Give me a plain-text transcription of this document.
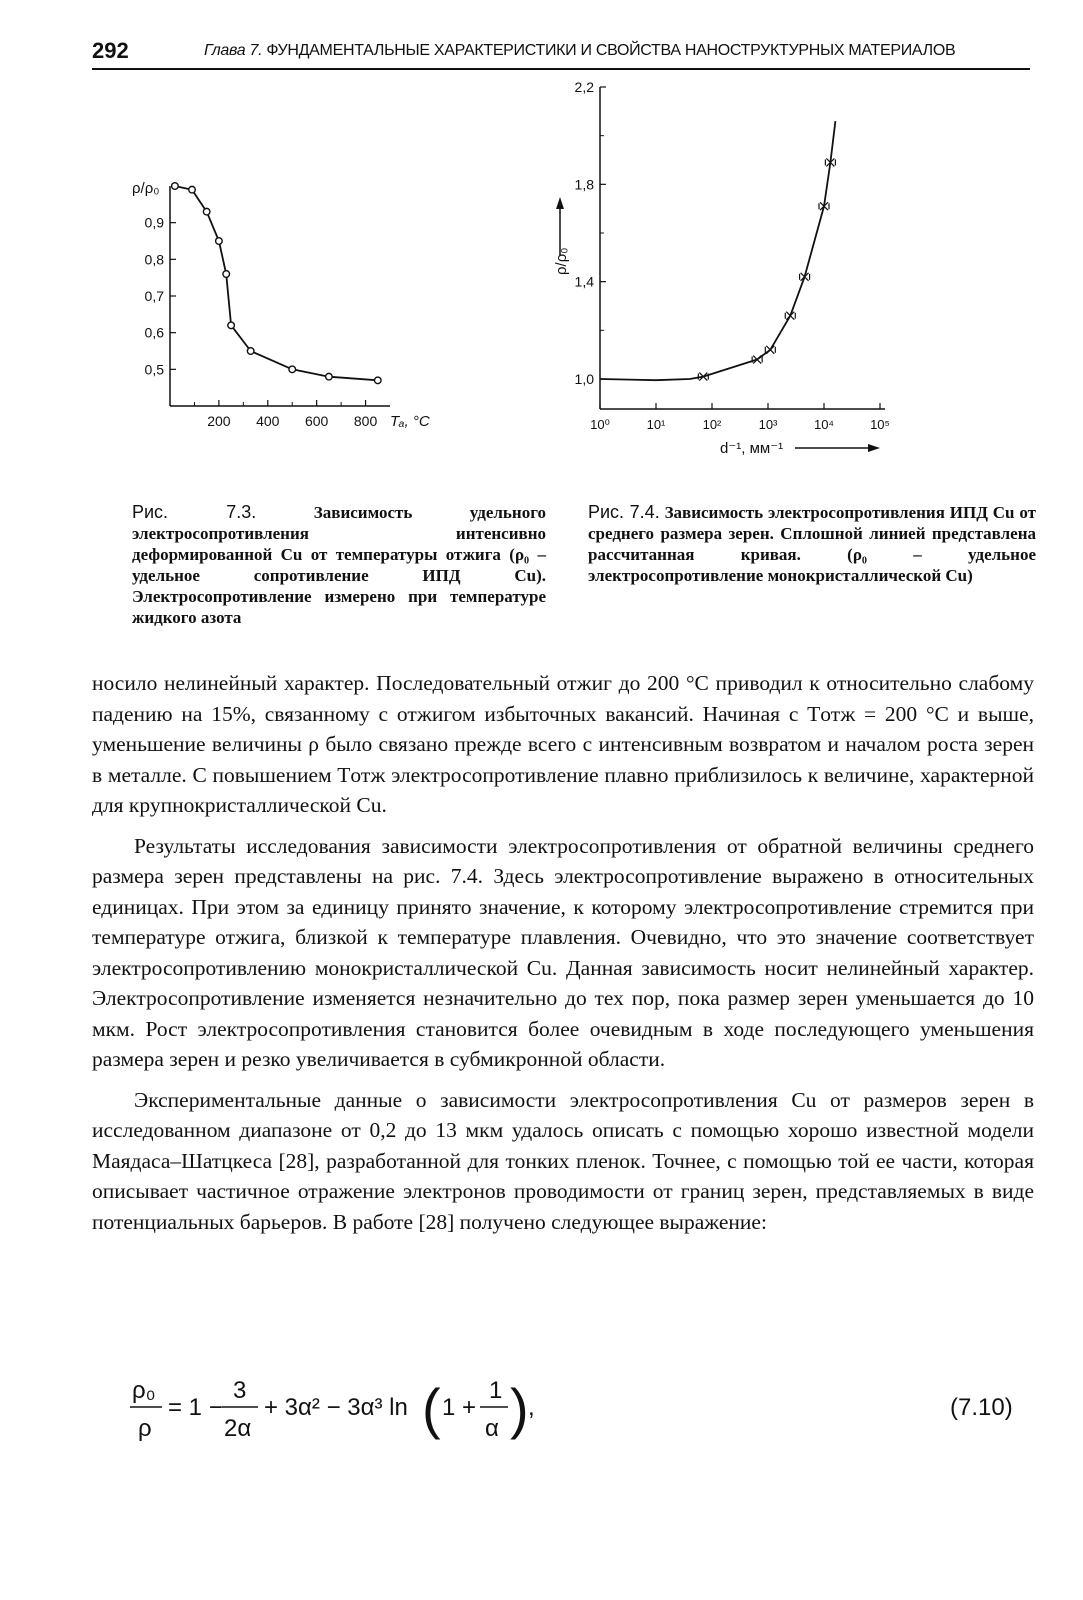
292	Глава 7. ФУНДАМЕНТАЛЬНЫЕ ХАРАКТЕРИСТИКИ И СВОЙСТВА НАНОСТРУКТУРНЫХ МАТЕРИАЛОВ
200 400 600 800
0,5
0,6
0,7
0,8
0,9
ρ/ρ₀
Tₐ, °C	10⁰	10¹	10²	10³	10⁴	10⁵
1,0
1,4
1,8
2,2
ρ/ρ₀
d⁻¹, мм⁻¹
Рис. 7.3.	Зависимость удельного электросопротивления интенсивно деформированной Cu от температуры отжига (ρ₀ – удельное сопротивление ИПД Cu). Электросопротивление измерено при температуре жидкого азота
Рис. 7.4. Зависимость электросопротивления ИПД Cu от среднего размера зерен. Сплошной линией представлена рассчитанная кривая. (ρ₀ – удельное электросопротивление монокристаллической Cu)

носило нелинейный характер. Последовательный отжиг до 200 °С приводил к относительно слабому падению на 15%, связанному с отжигом избыточных вакансий. Начиная с Tотж = 200 °С и выше, уменьшение величины ρ было связано прежде всего с интенсивным возвратом и началом роста зерен в металле. С повышением Tотж электросопротивление плавно приблизилось к величине, характерной для крупнокристаллической Cu.

Результаты исследования зависимости электросопротивления от обратной величины среднего размера зерен представлены на рис. 7.4. Здесь электросопротивление выражено в относительных единицах. При этом за единицу принято значение, к которому электросопротивление стремится при температуре отжига, близкой к температуре плавления. Очевидно, что это значение соответствует электросопротивлению монокристаллической Cu. Данная зависимость носит нелинейный характер. Электросопротивление изменяется незначительно до тех пор, пока размер зерен уменьшается до 10 мкм. Рост электросопротивления становится более очевидным в ходе последующего уменьшения размера зерен и резко увеличивается в субмикронной области.

Экспериментальные данные о зависимости электросопротивления Cu от размеров зерен в исследованном диапазоне от 0,2 до 13 мкм удалось описать с помощью хорошо известной модели Маядаса–Шатцкеса [28], разработанной для тонких пленок. Точнее, с помощью той ее части, которая описывает частичное отражение электронов проводимости от границ зерен, представляемых в виде потенциальных барьеров. В работе [28] получено следующее выражение:

ρ₀
ρ
= 1 −
3
2α
+ 3α² − 3α³ ln ( 1 +
1
α ) ,	(7.10)
